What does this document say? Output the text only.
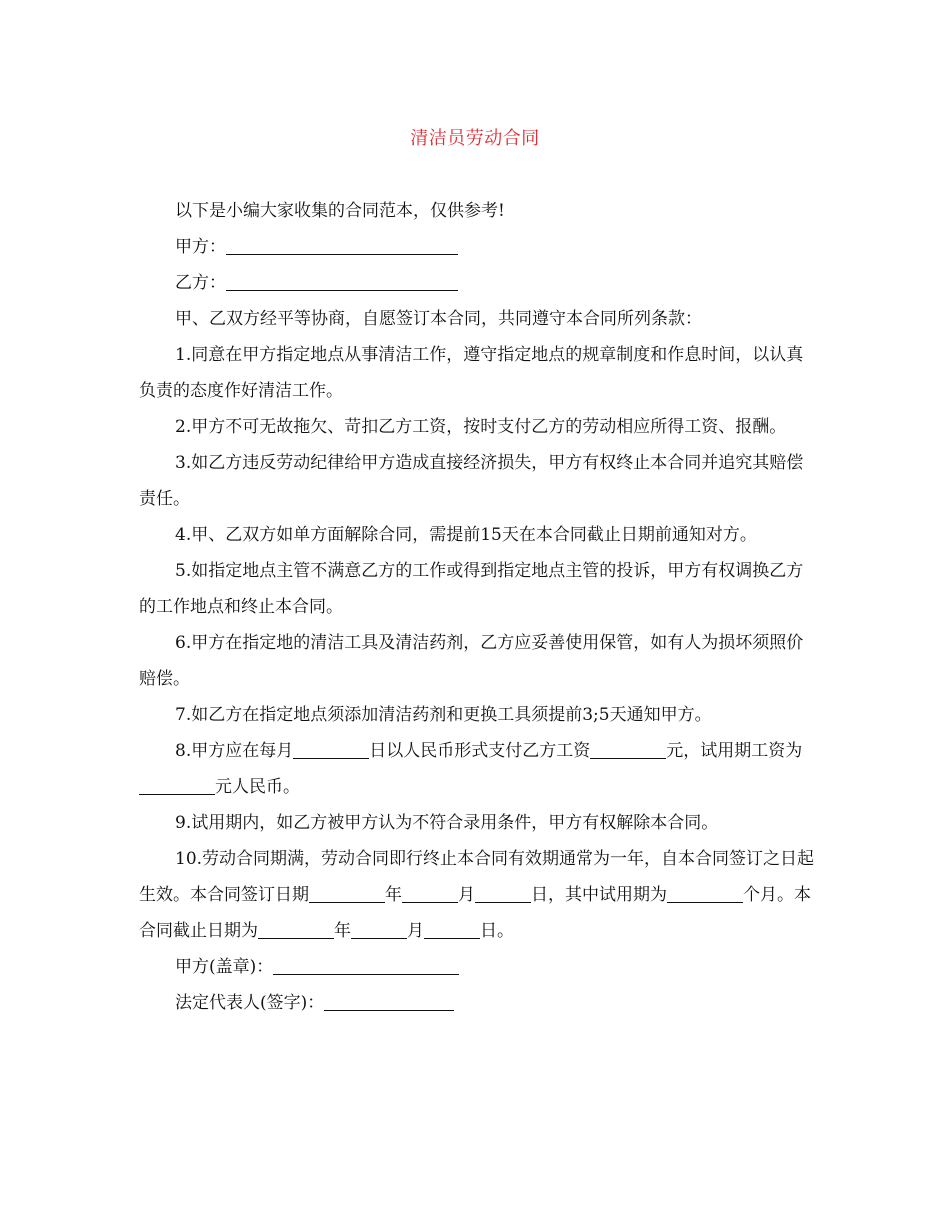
清洁员劳动合同

以下是小编大家收集的合同范本，仅供参考!

甲方：

乙方：

甲、乙双方经平等协商，自愿签订本合同，共同遵守本合同所列条款：

1.同意在甲方指定地点从事清洁工作，遵守指定地点的规章制度和作息时间，以认真负责的态度作好清洁工作。

2.甲方不可无故拖欠、苛扣乙方工资，按时支付乙方的劳动相应所得工资、报酬。

3.如乙方违反劳动纪律给甲方造成直接经济损失，甲方有权终止本合同并追究其赔偿责任。

4.甲、乙双方如单方面解除合同，需提前15天在本合同截止日期前通知对方。

5.如指定地点主管不满意乙方的工作或得到指定地点主管的投诉，甲方有权调换乙方的工作地点和终止本合同。

6.甲方在指定地的清洁工具及清洁药剂，乙方应妥善使用保管，如有人为损坏须照价赔偿。

7.如乙方在指定地点须添加清洁药剂和更换工具须提前3;5天通知甲方。

8.甲方应在每月	日以人民币形式支付乙方工资	元，试用期工资为元人民币。

9.试用期内，如乙方被甲方认为不符合录用条件，甲方有权解除本合同。

10.劳动合同期满，劳动合同即行终止本合同有效期通常为一年，自本合同签订之日起生效。本合同签订日期	年	月	日，其中试用期为	个月。本合同截止日期为	年	月	日。

甲方(盖章)：

法定代表人(签字)：
